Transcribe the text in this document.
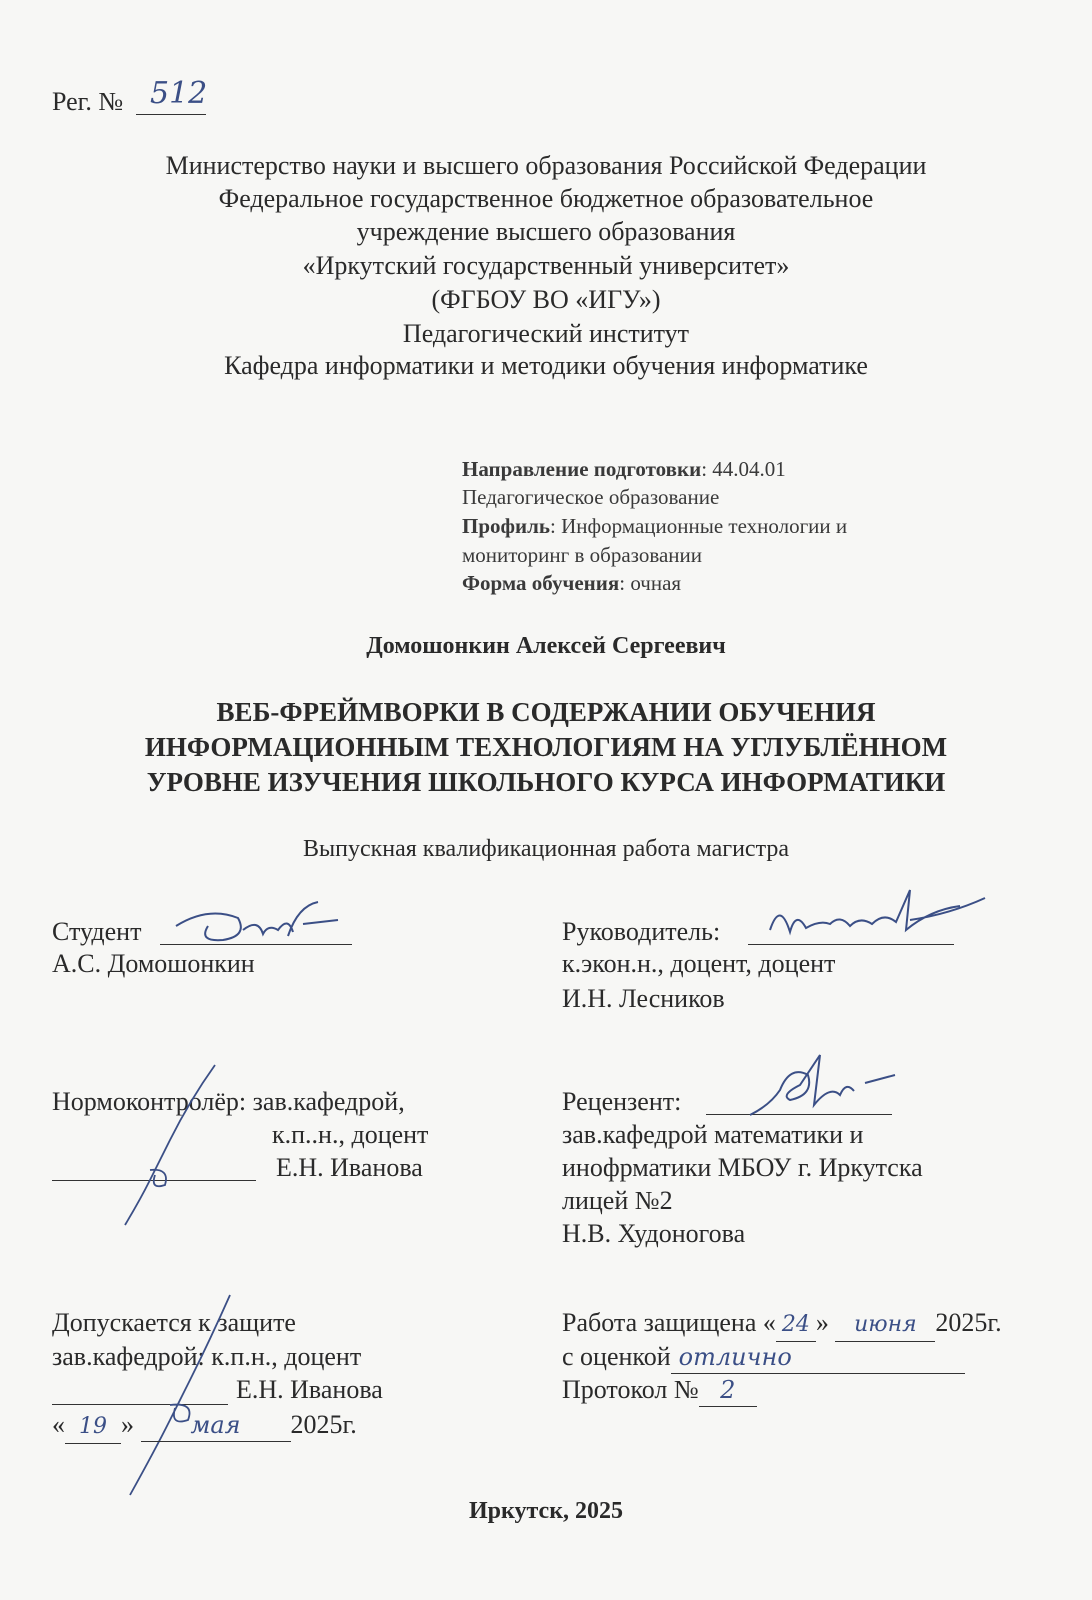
Рег. № 512
Министерство науки и высшего образования Российской Федерации
Федеральное государственное бюджетное образовательное
учреждение высшего образования
«Иркутский государственный университет»
(ФГБОУ ВО «ИГУ»)
Педагогический институт
Кафедра информатики и методики обучения информатике
Направление подготовки: 44.04.01
Педагогическое образование
Профиль: Информационные технологии и
мониторинг в образовании
Форма обучения: очная
Домошонкин Алексей Сергеевич
ВЕБ-ФРЕЙМВОРКИ В СОДЕРЖАНИИ ОБУЧЕНИЯ
ИНФОРМАЦИОННЫМ ТЕХНОЛОГИЯМ НА УГЛУБЛЁННОМ
УРОВНЕ ИЗУЧЕНИЯ ШКОЛЬНОГО КУРСА ИНФОРМАТИКИ
Выпускная квалификационная работа магистра
Студент
А.С. Домошонкин
Руководитель:
к.экон.н., доцент, доцент
И.Н. Лесников
Нормоконтролёр: зав.кафедрой,
к.п..н., доцент
Е.Н. Иванова
Рецензент:
зав.кафедрой математики и
инофрматики МБОУ г. Иркутска
лицей №2
Н.В. Худоногова
Допускается к защите
зав.кафедрой: к.п.н., доцент
Е.Н. Иванова
« 19 » мая 2025г.
Работа защищена « 24 » июня 2025г.
с оценкой отлично
Протокол № 2
Иркутск, 2025
